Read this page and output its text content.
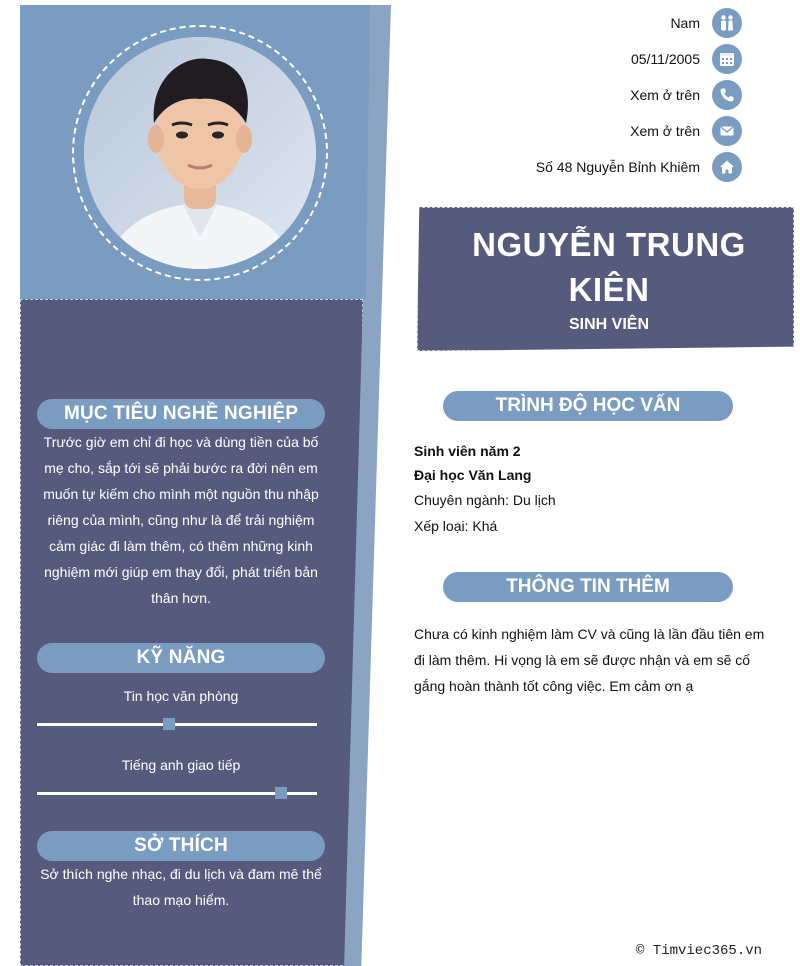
MỤC TIÊU NGHỀ NGHIỆP
Trước giờ em chỉ đi học và dùng tiền của bố mẹ cho, sắp tới sẽ phải bước ra đời nên em muốn tự kiếm cho mình một nguồn thu nhập riêng của mình, cũng như là để trải nghiệm cảm giác đi làm thêm, có thêm những kinh nghiệm mới giúp em thay đổi, phát triển bản thân hơn.
KỸ NĂNG
Tin học văn phòng
Tiếng anh giao tiếp
SỞ THÍCH
Sở thích nghe nhạc, đi du lịch và đam mê thể thao mạo hiểm.
Nam
05/11/2005
Xem ở trên
Xem ở trên
Số 48 Nguyễn Bỉnh Khiêm
NGUYỄN TRUNG KIÊN
SINH VIÊN
TRÌNH ĐỘ HỌC VẤN
Sinh viên năm 2
Đại học Văn Lang
Chuyên ngành: Du lịch
Xếp loại: Khá
THÔNG TIN THÊM
Chưa có kinh nghiệm làm CV và cũng là lần đầu tiên em đi làm thêm. Hi vọng là em sẽ được nhận và em sẽ cố gắng hoàn thành tốt công việc. Em cảm ơn ạ
© Timviec365.vn
